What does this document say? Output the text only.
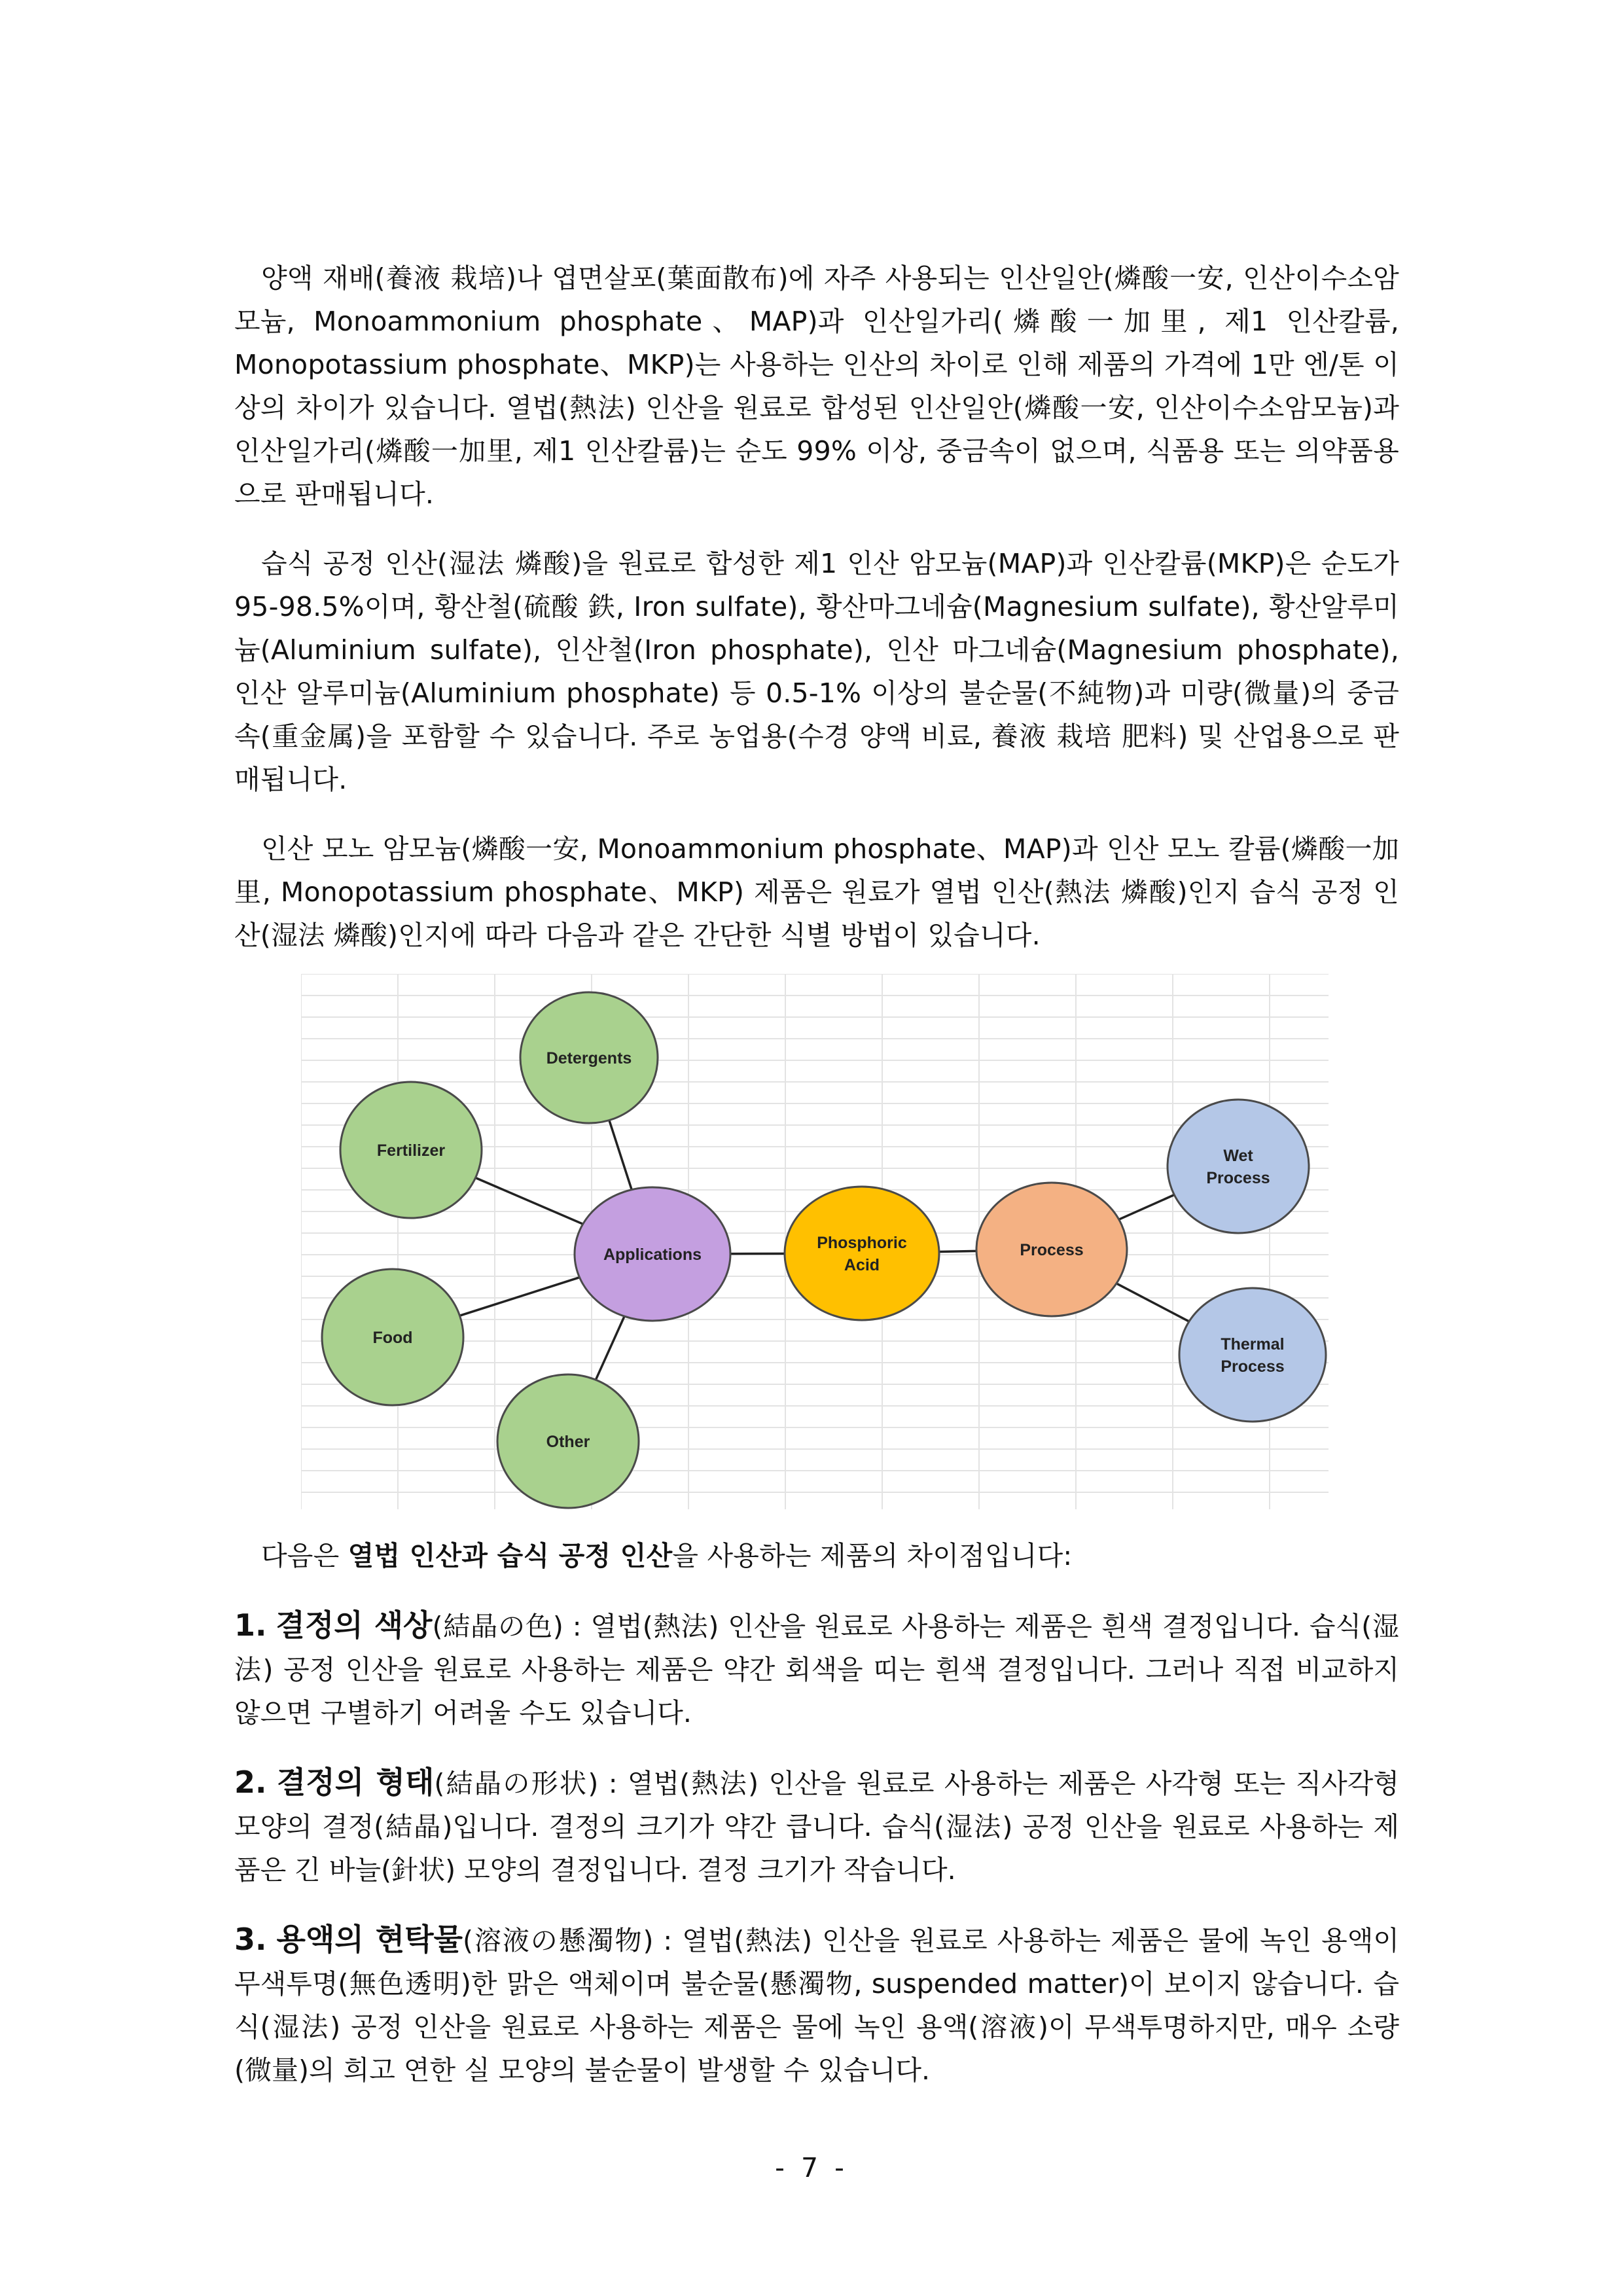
양액 재배(養液 栽培)나 엽면살포(葉面散布)에 자주 사용되는 인산일안(燐酸一安, 인산이수소암모늄, Monoammonium phosphate、MAP)과 인산일가리(燐酸一加里, 제1 인산칼륨, Monopotassium phosphate、MKP)는 사용하는 인산의 차이로 인해 제품의 가격에 1만 엔/톤 이상의 차이가 있습니다. 열법(熱法) 인산을 원료로 합성된 인산일안(燐酸一安, 인산이수소암모늄)과 인산일가리(燐酸一加里, 제1 인산칼륨)는 순도 99% 이상, 중금속이 없으며, 식품용 또는 의약품용으로 판매됩니다.

습식 공정 인산(湿法 燐酸)을 원료로 합성한 제1 인산 암모늄(MAP)과 인산칼륨(MKP)은 순도가 95-98.5%이며, 황산철(硫酸 鉄, Iron sulfate), 황산마그네슘(Magnesium sulfate), 황산알루미늄(Aluminium sulfate), 인산철(Iron phosphate), 인산 마그네슘(Magnesium phosphate), 인산 알루미늄(Aluminium phosphate) 등 0.5-1% 이상의 불순물(不純物)과 미량(微量)의 중금속(重金属)을 포함할 수 있습니다. 주로 농업용(수경 양액 비료, 養液 栽培 肥料) 및 산업용으로 판매됩니다.

인산 모노 암모늄(燐酸一安, Monoammonium phosphate、MAP)과 인산 모노 칼륨(燐酸一加里, Monopotassium phosphate、MKP) 제품은 원료가 열법 인산(熱法 燐酸)인지 습식 공정 인산(湿法 燐酸)인지에 따라 다음과 같은 간단한 식별 방법이 있습니다.

Detergents
Fertilizer
Food
Other
Applications
Phosphoric
Acid
Process
Wet
Process
Thermal
Process

다음은 열법 인산과 습식 공정 인산을 사용하는 제품의 차이점입니다:

1. 결정의 색상(結晶の色) : 열법(熱法) 인산을 원료로 사용하는 제품은 흰색 결정입니다. 습식(湿法) 공정 인산을 원료로 사용하는 제품은 약간 회색을 띠는 흰색 결정입니다. 그러나 직접 비교하지 않으면 구별하기 어려울 수도 있습니다.

2. 결정의 형태(結晶の形状) : 열법(熱法) 인산을 원료로 사용하는 제품은 사각형 또는 직사각형 모양의 결정(結晶)입니다. 결정의 크기가 약간 큽니다. 습식(湿法) 공정 인산을 원료로 사용하는 제품은 긴 바늘(針状) 모양의 결정입니다. 결정 크기가 작습니다.

3. 용액의 현탁물(溶液の懸濁物) : 열법(熱法) 인산을 원료로 사용하는 제품은 물에 녹인 용액이 무색투명(無色透明)한 맑은 액체이며 불순물(懸濁物, suspended matter)이 보이지 않습니다. 습식(湿法) 공정 인산을 원료로 사용하는 제품은 물에 녹인 용액(溶液)이 무색투명하지만, 매우 소량(微量)의 희고 연한 실 모양의 불순물이 발생할 수 있습니다.

- 7 -
